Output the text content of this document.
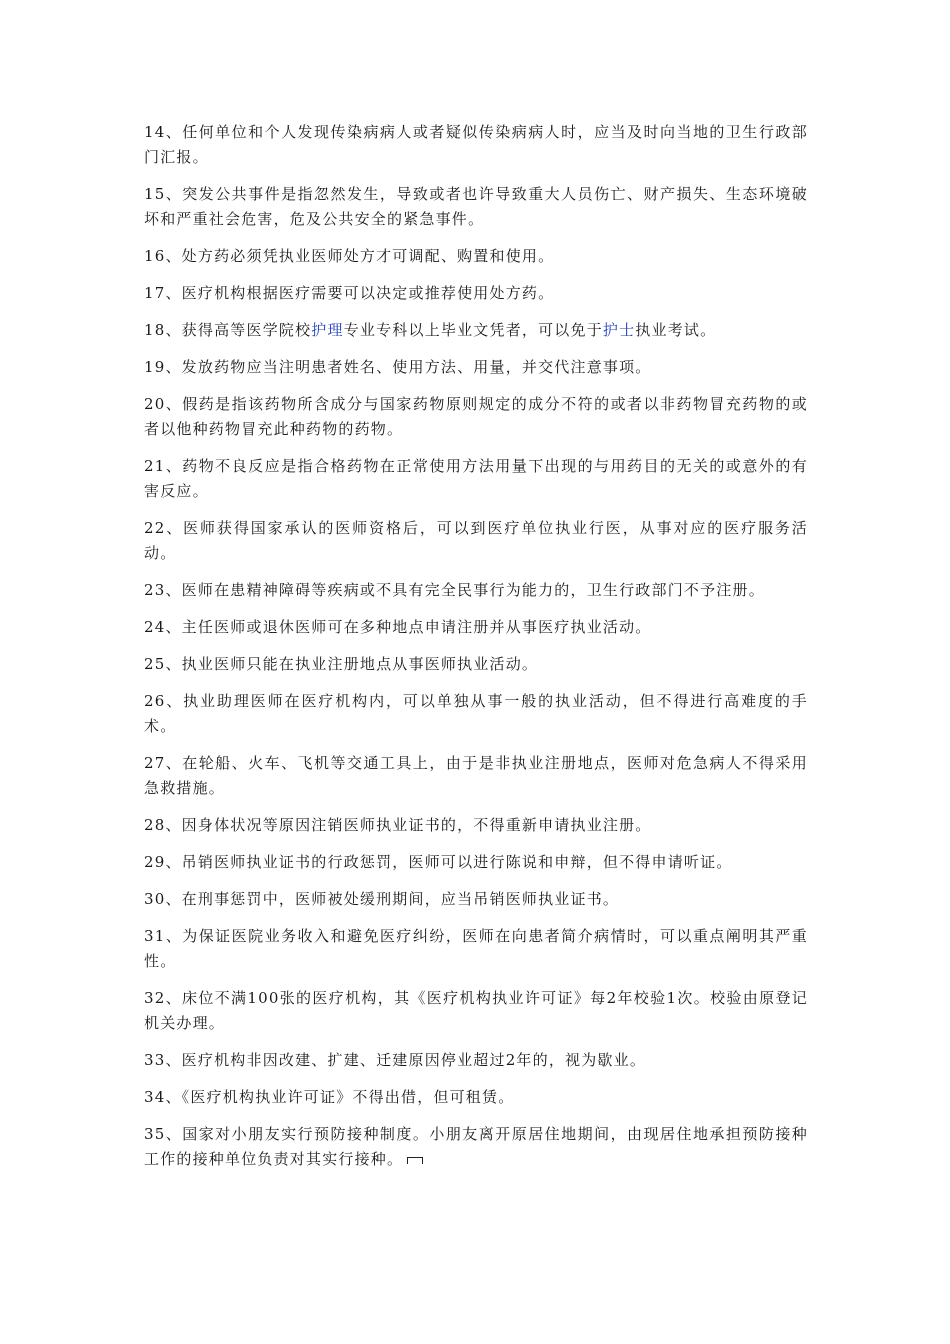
14、任何单位和个人发现传染病病人或者疑似传染病病人时，应当及时向当地的卫生行政部门汇报。

15、突发公共事件是指忽然发生，导致或者也许导致重大人员伤亡、财产损失、生态环境破坏和严重社会危害，危及公共安全的紧急事件。

16、处方药必须凭执业医师处方才可调配、购置和使用。

17、医疗机构根据医疗需要可以决定或推荐使用处方药。

18、获得高等医学院校护理专业专科以上毕业文凭者，可以免于护士执业考试。

19、发放药物应当注明患者姓名、使用方法、用量，并交代注意事项。

20、假药是指该药物所含成分与国家药物原则规定的成分不符的或者以非药物冒充药物的或者以他种药物冒充此种药物的药物。

21、药物不良反应是指合格药物在正常使用方法用量下出现的与用药目的无关的或意外的有害反应。

22、医师获得国家承认的医师资格后，可以到医疗单位执业行医，从事对应的医疗服务活动。

23、医师在患精神障碍等疾病或不具有完全民事行为能力的，卫生行政部门不予注册。

24、主任医师或退休医师可在多种地点申请注册并从事医疗执业活动。

25、执业医师只能在执业注册地点从事医师执业活动。

26、执业助理医师在医疗机构内，可以单独从事一般的执业活动，但不得进行高难度的手术。

27、在轮船、火车、飞机等交通工具上，由于是非执业注册地点，医师对危急病人不得采用急救措施。

28、因身体状况等原因注销医师执业证书的，不得重新申请执业注册。

29、吊销医师执业证书的行政惩罚，医师可以进行陈说和申辩，但不得申请听证。

30、在刑事惩罚中，医师被处缓刑期间，应当吊销医师执业证书。

31、为保证医院业务收入和避免医疗纠纷，医师在向患者简介病情时，可以重点阐明其严重性。

32、床位不满100张的医疗机构，其《医疗机构执业许可证》每2年校验1次。校验由原登记机关办理。

33、医疗机构非因改建、扩建、迁建原因停业超过2年的，视为歇业。

34、《医疗机构执业许可证》不得出借，但可租赁。

35、国家对小朋友实行预防接种制度。小朋友离开原居住地期间，由现居住地承担预防接种工作的接种单位负责对其实行接种。
